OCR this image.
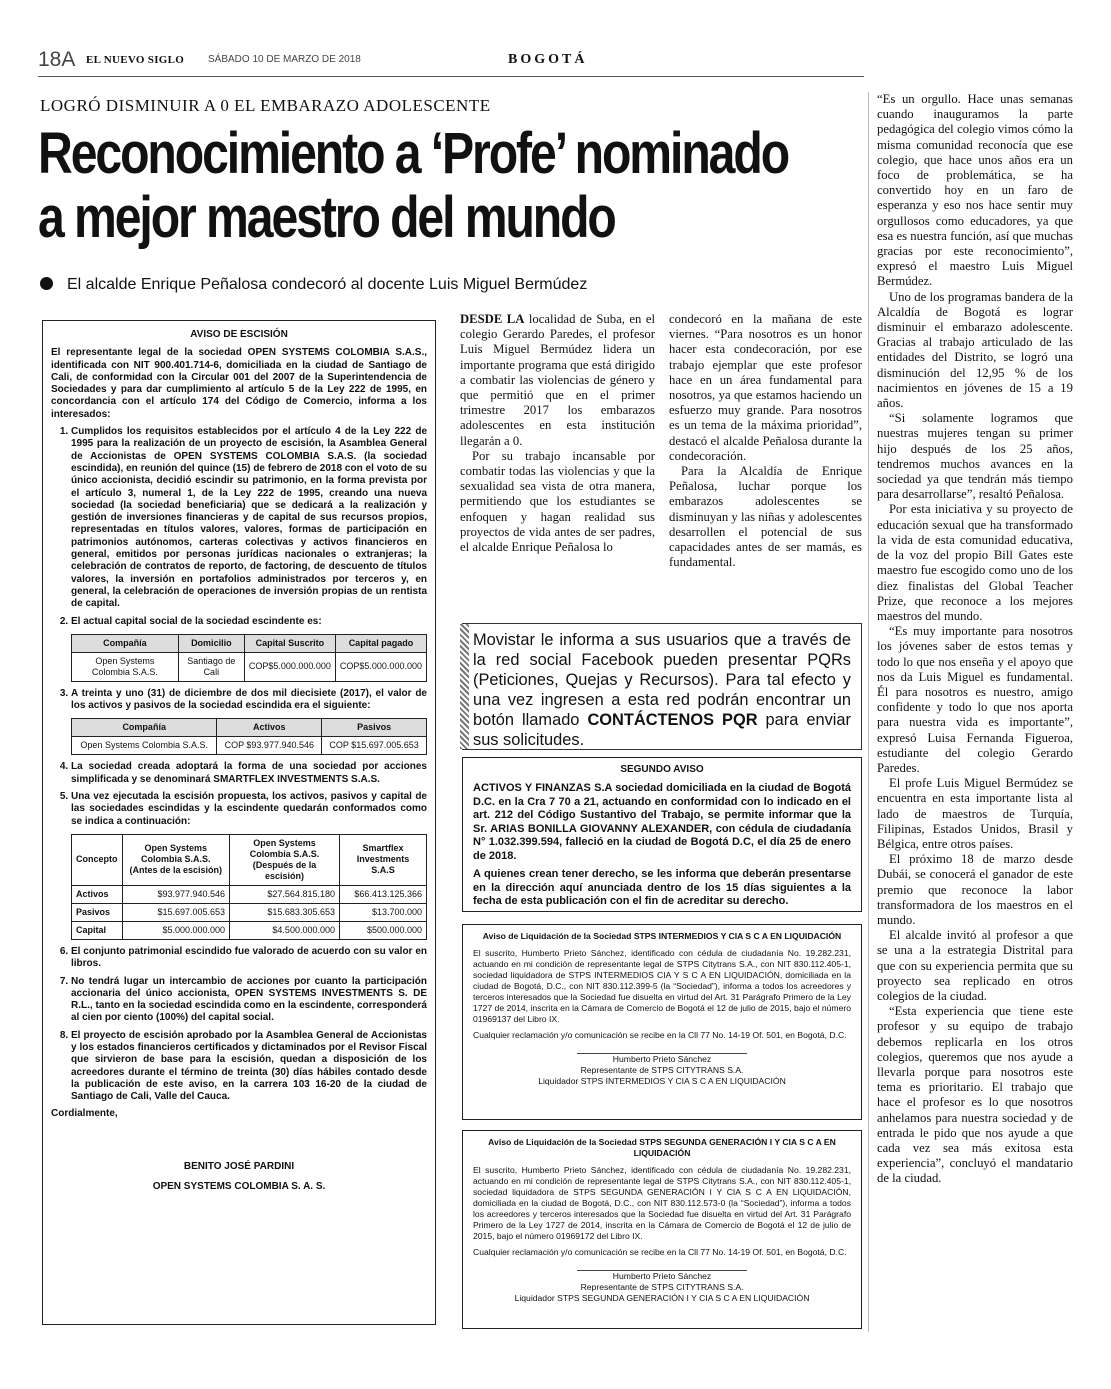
18A EL NUEVO SIGLO SÁBADO 10 DE MARZO DE 2018	BOGOTÁ
LOGRÓ DISMINUIR A 0 EL EMBARAZO ADOLESCENTE
Reconocimiento a ‘Profe’ nominado
a mejor maestro del mundo
El alcalde Enrique Peñalosa condecoró al docente Luis Miguel Bermúdez
AVISO DE ESCISIÓN
El representante legal de la sociedad OPEN SYSTEMS COLOMBIA S.A.S., identificada con NIT 900.401.714-6, domiciliada en la ciudad de Santiago de Cali, de conformidad con la Circular 001 del 2007 de la Superintendencia de Sociedades y para dar cumplimiento al artículo 5 de la Ley 222 de 1995, en concordancia con el artículo 174 del Código de Comercio, informa a los interesados:
1. Cumplidos los requisitos establecidos por el artículo 4 de la Ley 222 de 1995 para la realización de un proyecto de escisión, la Asamblea General de Accionistas de OPEN SYSTEMS COLOMBIA S.A.S. (la sociedad escindida), en reunión del quince (15) de febrero de 2018 con el voto de su único accionista, decidió escindir su patrimonio, en la forma prevista por el artículo 3, numeral 1, de la Ley 222 de 1995, creando una nueva sociedad (la sociedad beneficiaria) que se dedicará a la realización y gestión de inversiones financieras y de capital de sus recursos propios, representadas en títulos valores, valores, formas de participación en patrimonios autónomos, carteras colectivas y activos financieros en general, emitidos por personas jurídicas nacionales o extranjeras; la celebración de contratos de reporto, de factoring, de descuento de títulos valores, la inversión en portafolios administrados por terceros y, en general, la celebración de operaciones de inversión propias de un rentista de capital.
2. El actual capital social de la sociedad escindente es:
Compañía	Domicilio	Capital Suscrito	Capital pagado
Open Systems Colombia S.A.S.	Santiago de Cali	COP$5.000.000.000	COP$5.000.000.000
3. A treinta y uno (31) de diciembre de dos mil diecisiete (2017), el valor de los activos y pasivos de la sociedad escindida era el siguiente:
Compañía	Activos	Pasivos
Open Systems Colombia S.A.S.	COP $93.977.940.546	COP $15.697.005.653
4. La sociedad creada adoptará la forma de una sociedad por acciones simplificada y se denominará SMARTFLEX INVESTMENTS S.A.S.
5. Una vez ejecutada la escisión propuesta, los activos, pasivos y capital de las sociedades escindidas y la escindente quedarán conformados como se indica a continuación:
Concepto	Open Systems Colombia S.A.S. (Antes de la escisión)	Open Systems Colombia S.A.S. (Después de la escisión)	Smartflex Investments S.A.S
Activos	$93.977.940.546	$27.564.815.180	$66.413.125.366
Pasivos	$15.697.005.653	$15.683.305.653	$13.700.000
Capital	$5.000.000.000	$4.500.000.000	$500.000.000
6. El conjunto patrimonial escindido fue valorado de acuerdo con su valor en libros.
7. No tendrá lugar un intercambio de acciones por cuanto la participación accionaria del único accionista, OPEN SYSTEMS INVESTMENTS S. DE R.L., tanto en la sociedad escindida como en la escindente, corresponderá al cien por ciento (100%) del capital social.
8. El proyecto de escisión aprobado por la Asamblea General de Accionistas y los estados financieros certificados y dictaminados por el Revisor Fiscal que sirvieron de base para la escisión, quedan a disposición de los acreedores durante el término de treinta (30) días hábiles contado desde la publicación de este aviso, en la carrera 103 16-20 de la ciudad de Santiago de Cali, Valle del Cauca.
Cordialmente,
BENITO JOSÉ PARDINI
OPEN SYSTEMS COLOMBIA S. A. S.

DESDE LA localidad de Suba, en el colegio Gerardo Paredes, el profesor Luis Miguel Bermúdez lidera un importante programa que está dirigido a combatir las violencias de género y que permitió que en el primer trimestre 2017 los embarazos adolescentes en esta institución llegarán a 0.

Por su trabajo incansable por combatir todas las violencias y que la sexualidad sea vista de otra manera, permitiendo que los estudiantes se enfoquen y hagan realidad sus proyectos de vida antes de ser padres, el alcalde Enrique Peñalosa lo

condecoró en la mañana de este viernes. “Para nosotros es un honor hacer esta condecoración, por ese trabajo ejemplar que este profesor hace en un área fundamental para nosotros, ya que estamos haciendo un esfuerzo muy grande. Para nosotros es un tema de la máxima prioridad”, destacó el alcalde Peñalosa durante la condecoración.

Para la Alcaldía de Enrique Peñalosa, luchar porque los embarazos adolescentes se disminuyan y las niñas y adolescentes desarrollen el potencial de sus capacidades antes de ser mamás, es fundamental.

Movistar le informa a sus usuarios que a través de la red social Facebook pueden presentar PQRs (Peticiones, Quejas y Recursos). Para tal efecto y una vez ingresen a esta red podrán encontrar un botón llamado CONTÁCTENOS PQR para enviar sus solicitudes.
SEGUNDO AVISO

ACTIVOS Y FINANZAS S.A sociedad domiciliada en la ciudad de Bogotá D.C. en la Cra 7 70 a 21, actuando en conformidad con lo indicado en el art. 212 del Código Sustantivo del Trabajo, se permite informar que la Sr. ARIAS BONILLA GIOVANNY ALEXANDER, con cédula de ciudadanía N° 1.032.399.594, falleció en la ciudad de Bogotá D.C, el día 25 de enero de 2018.

A quienes crean tener derecho, se les informa que deberán presentarse en la dirección aquí anunciada dentro de los 15 días siguientes a la fecha de esta publicación con el fin de acreditar su derecho.

Aviso de Liquidación de la Sociedad STPS INTERMEDIOS Y CIA S C A EN LIQUIDACIÓN

El suscrito, Humberto Prieto Sánchez, identificado con cédula de ciudadanía No. 19.282.231, actuando en mi condición de representante legal de STPS Citytrans S.A., con NIT 830.112.405-1, sociedad liquidadora de STPS INTERMEDIOS CIA Y S C A EN LIQUIDACIÓN, domiciliada en la ciudad de Bogotá, D.C., con NIT 830.112.399-5 (la “Sociedad”), informa a todos los acreedores y terceros interesados que la Sociedad fue disuelta en virtud del Art. 31 Parágrafo Primero de la Ley 1727 de 2014, inscrita en la Cámara de Comercio de Bogotá el 12 de julio de 2015, bajo el número 01969137 del Libro IX.

Cualquier reclamación y/o comunicación se recibe en la Cll 77 No. 14-19 Of. 501, en Bogotá, D.C.

Humberto Prieto Sánchez
Representante de STPS CITYTRANS S.A.
Liquidador STPS INTERMEDIOS Y CIA S C A EN LIQUIDACIÓN
Aviso de Liquidación de la Sociedad STPS SEGUNDA GENERACIÓN I Y CIA S C A EN LIQUIDACIÓN

El suscrito, Humberto Prieto Sánchez, identificado con cédula de ciudadanía No. 19.282.231, actuando en mi condición de representante legal de STPS Citytrans S.A., con NIT 830.112.405-1, sociedad liquidadora de STPS SEGUNDA GENERACIÓN I Y CIA S C A EN LIQUIDACIÓN, domiciliada en la ciudad de Bogotá, D.C., con NIT 830.112.573-0 (la “Sociedad”), informa a todos los acreedores y terceros interesados que la Sociedad fue disuelta en virtud del Art. 31 Parágrafo Primero de la Ley 1727 de 2014, inscrita en la Cámara de Comercio de Bogotá el 12 de julio de 2015, bajo el número 01969172 del Libro IX.

Cualquier reclamación y/o comunicación se recibe en la Cll 77 No. 14-19 Of. 501, en Bogotá, D.C.

Humberto Prieto Sánchez
Representante de STPS CITYTRANS S.A.
Liquidador STPS SEGUNDA GENERACIÓN I Y CIA S C A EN LIQUIDACIÓN

“Es un orgullo. Hace unas semanas cuando inauguramos la parte pedagógica del colegio vimos cómo la misma comunidad reconocía que ese colegio, que hace unos años era un foco de problemática, se ha convertido hoy en un faro de esperanza y eso nos hace sentir muy orgullosos como educadores, ya que esa es nuestra función, así que muchas gracias por este reconocimiento”, expresó el maestro Luis Miguel Bermúdez.

Uno de los programas bandera de la Alcaldía de Bogotá es lograr disminuir el embarazo adolescente. Gracias al trabajo articulado de las entidades del Distrito, se logró una disminución del 12,95 % de los nacimientos en jóvenes de 15 a 19 años.

“Si solamente logramos que nuestras mujeres tengan su primer hijo después de los 25 años, tendremos muchos avances en la sociedad ya que tendrán más tiempo para desarrollarse”, resaltó Peñalosa.

Por esta iniciativa y su proyecto de educación sexual que ha transformado la vida de esta comunidad educativa, de la voz del propio Bill Gates este maestro fue escogido como uno de los diez finalistas del Global Teacher Prize, que reconoce a los mejores maestros del mundo.

“Es muy importante para nosotros los jóvenes saber de estos temas y todo lo que nos enseña y el apoyo que nos da Luis Miguel es fundamental. Él para nosotros es nuestro, amigo confidente y todo lo que nos aporta para nuestra vida es importante”, expresó Luisa Fernanda Figueroa, estudiante del colegio Gerardo Paredes.

El profe Luis Miguel Bermúdez se encuentra en esta importante lista al lado de maestros de Turquía, Filipinas, Estados Unidos, Brasil y Bélgica, entre otros países.

El próximo 18 de marzo desde Dubái, se conocerá el ganador de este premio que reconoce la labor transformadora de los maestros en el mundo.

El alcalde invitó al profesor a que se una a la estrategia Distrital para que con su experiencia permita que su proyecto sea replicado en otros colegios de la ciudad.

“Esta experiencia que tiene este profesor y su equipo de trabajo debemos replicarla en los otros colegios, queremos que nos ayude a llevarla porque para nosotros este tema es prioritario. El trabajo que hace el profesor es lo que nosotros anhelamos para nuestra sociedad y de entrada le pido que nos ayude a que cada vez sea más exitosa esta experiencia”, concluyó el mandatario de la ciudad.
